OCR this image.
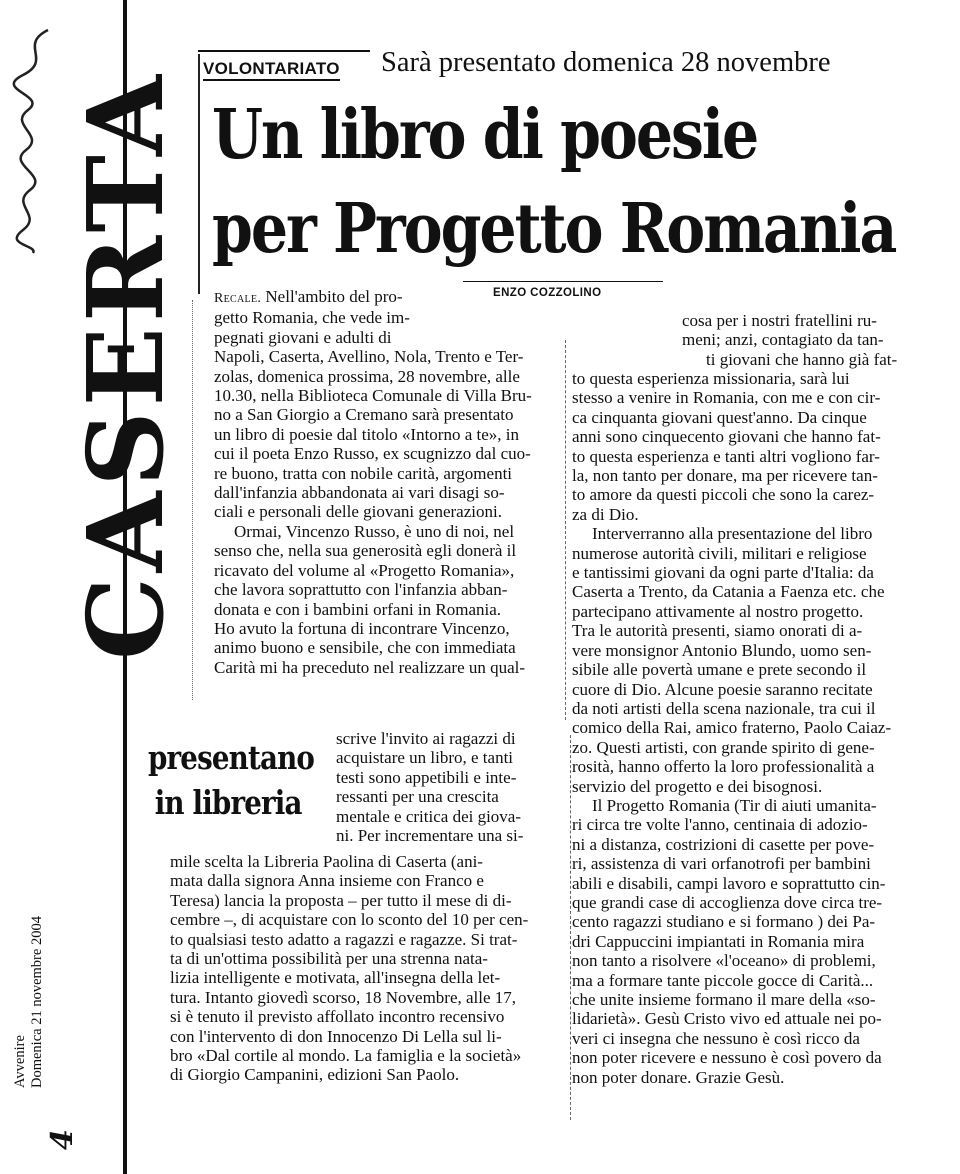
CASERTA
Avvenire Domenica 21 novembre 2004
4
VOLONTARIATO Sarà presentato domenica 28 novembre
Un libro di poesie
per Progetto Romania
ENZO COZZOLINO
Recale. Nell'ambito del pro-
getto Romania, che vede im-
pegnati giovani e adulti di
Napoli, Caserta, Avellino, Nola, Trento e Ter-
zolas, domenica prossima, 28 novembre, alle
10.30, nella Biblioteca Comunale di Villa Bru-
no a San Giorgio a Cremano sarà presentato
un libro di poesie dal titolo «Intorno a te», in
cui il poeta Enzo Russo, ex scugnizzo dal cuo-
re buono, tratta con nobile carità, argomenti
dall'infanzia abbandonata ai vari disagi so-
ciali e personali delle giovani generazioni.
Ormai, Vincenzo Russo, è uno di noi, nel
senso che, nella sua generosità egli donerà il
ricavato del volume al «Progetto Romania»,
che lavora soprattutto con l'infanzia abban-
donata e con i bambini orfani in Romania.
Ho avuto la fortuna di incontrare Vincenzo,
animo buono e sensibile, che con immediata
Carità mi ha preceduto nel realizzare un qual-
cosa per i nostri fratellini ru-
meni; anzi, contagiato da tan-
ti giovani che hanno già fat-
to questa esperienza missionaria, sarà lui
stesso a venire in Romania, con me e con cir-
ca cinquanta giovani quest'anno. Da cinque
anni sono cinquecento giovani che hanno fat-
to questa esperienza e tanti altri vogliono far-
la, non tanto per donare, ma per ricevere tan-
to amore da questi piccoli che sono la carez-
za di Dio.
Interverranno alla presentazione del libro
numerose autorità civili, militari e religiose
e tantissimi giovani da ogni parte d'Italia: da
Caserta a Trento, da Catania a Faenza etc. che
partecipano attivamente al nostro progetto.
Tra le autorità presenti, siamo onorati di a-
vere monsignor Antonio Blundo, uomo sen-
sibile alle povertà umane e prete secondo il
cuore di Dio. Alcune poesie saranno recitate
da noti artisti della scena nazionale, tra cui il
comico della Rai, amico fraterno, Paolo Caiaz-
zo. Questi artisti, con grande spirito di gene-
rosità, hanno offerto la loro professionalità a
servizio del progetto e dei bisognosi.
Il Progetto Romania (Tir di aiuti umanita-
ri circa tre volte l'anno, centinaia di adozio-
ni a distanza, costrizioni di casette per pove-
ri, assistenza di vari orfanotrofi per bambini
abili e disabili, campi lavoro e soprattutto cin-
que grandi case di accoglienza dove circa tre-
cento ragazzi studiano e si formano ) dei Pa-
dri Cappuccini impiantati in Romania mira
non tanto a risolvere «l'oceano» di problemi,
ma a formare tante piccole gocce di Carità...
che unite insieme formano il mare della «so-
lidarietà». Gesù Cristo vivo ed attuale nei po-
veri ci insegna che nessuno è così ricco da
non poter ricevere e nessuno è così povero da
non poter donare. Grazie Gesù.
presentano
in libreria
scrive l'invito ai ragazzi di
acquistare un libro, e tanti
testi sono appetibili e inte-
ressanti per una crescita
mentale e critica dei giova-
ni. Per incrementare una si-
mile scelta la Libreria Paolina di Caserta (ani-
mata dalla signora Anna insieme con Franco e
Teresa) lancia la proposta – per tutto il mese di di-
cembre –, di acquistare con lo sconto del 10 per cen-
to qualsiasi testo adatto a ragazzi e ragazze. Si trat-
ta di un'ottima possibilità per una strenna nata-
lizia intelligente e motivata, all'insegna della let-
tura. Intanto giovedì scorso, 18 Novembre, alle 17,
si è tenuto il previsto affollato incontro recensivo
con l'intervento di don Innocenzo Di Lella sul li-
bro «Dal cortile al mondo. La famiglia e la società»
di Giorgio Campanini, edizioni San Paolo.
